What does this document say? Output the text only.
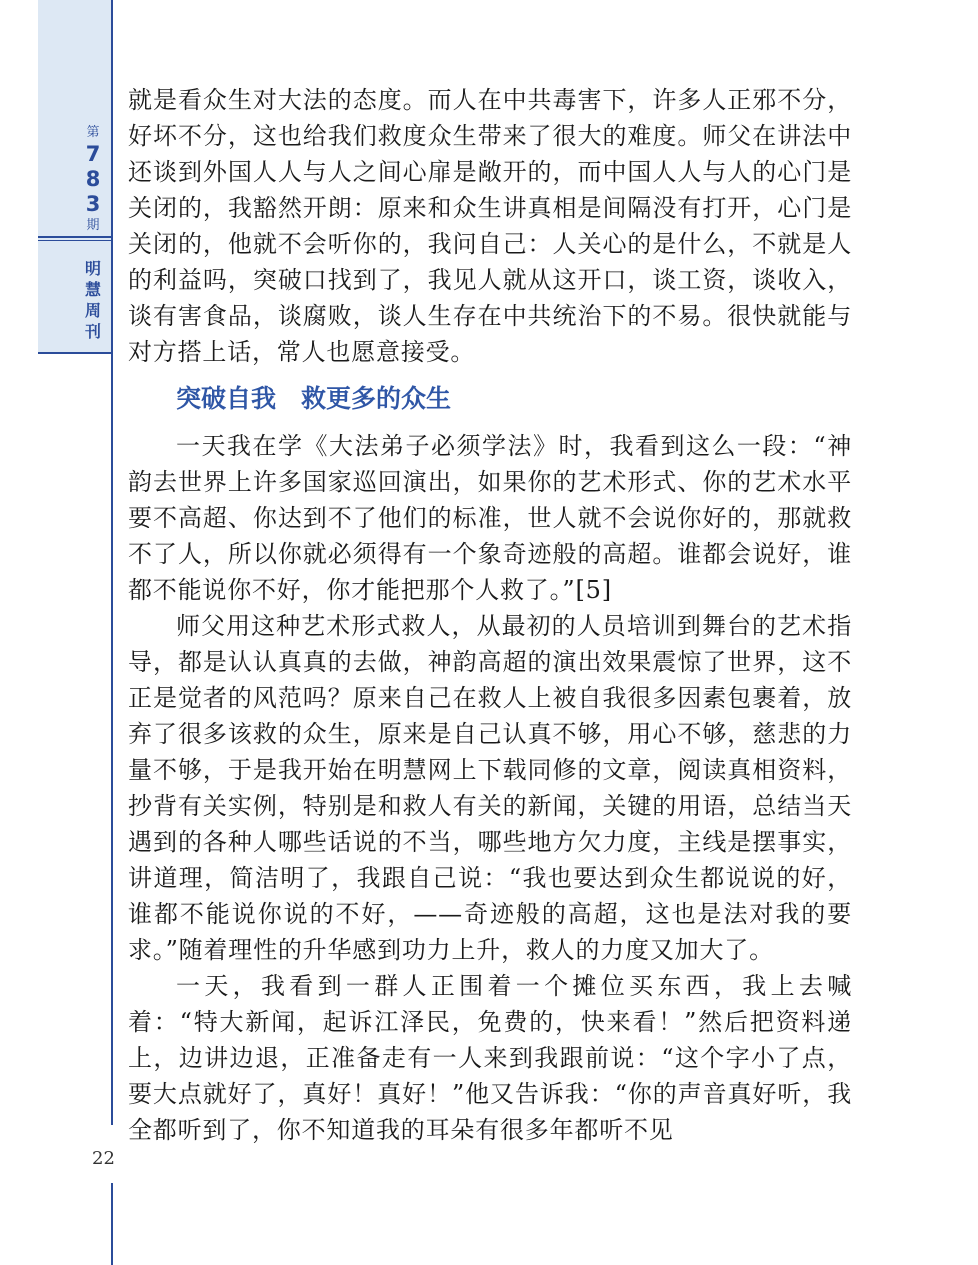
第
7
8
3
期
明
慧
周
刊
22

就是看众生对大法的态度。而人在中共毒害下，许多人正邪不分，好坏不分，这也给我们救度众生带来了很大的难度。师父在讲法中还谈到外国人人与人之间心扉是敞开的，而中国人人与人的心门是关闭的，我豁然开朗：原来和众生讲真相是间隔没有打开，心门是关闭的，他就不会听你的，我问自己：人关心的是什么，不就是人的利益吗，突破口找到了，我见人就从这开口，谈工资，谈收入，谈有害食品，谈腐败，谈人生存在中共统治下的不易。很快就能与对方搭上话，常人也愿意接受。

突破自我　救更多的众生

一天我在学《大法弟子必须学法》时，我看到这么一段：“神韵去世界上许多国家巡回演出，如果你的艺术形式、你的艺术水平要不高超、你达到不了他们的标准，世人就不会说你好的，那就救不了人，所以你就必须得有一个象奇迹般的高超。谁都会说好，谁都不能说你不好，你才能把那个人救了。”[5]

师父用这种艺术形式救人，从最初的人员培训到舞台的艺术指导，都是认认真真的去做，神韵高超的演出效果震惊了世界，这不正是觉者的风范吗？原来自己在救人上被自我很多因素包裹着，放弃了很多该救的众生，原来是自己认真不够，用心不够，慈悲的力量不够，于是我开始在明慧网上下载同修的文章，阅读真相资料，抄背有关实例，特别是和救人有关的新闻，关键的用语，总结当天遇到的各种人哪些话说的不当，哪些地方欠力度，主线是摆事实，讲道理，简洁明了，我跟自己说：“我也要达到众生都说说的好，谁都不能说你说的不好，——奇迹般的高超，这也是法对我的要求。”随着理性的升华感到功力上升，救人的力度又加大了。

一天，我看到一群人正围着一个摊位买东西，我上去喊着：“特大新闻，起诉江泽民，免费的，快来看！”然后把资料递上，边讲边退，正准备走有一人来到我跟前说：“这个字小了点，要大点就好了，真好！真好！”他又告诉我：“你的声音真好听，我全都听到了，你不知道我的耳朵有很多年都听不见
